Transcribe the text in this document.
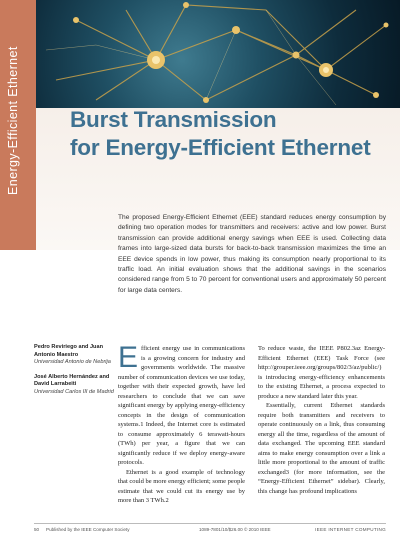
Energy-Efficient Ethernet Burst Transmission
for Energy-Efficient Ethernet

The proposed Energy-Efficient Ethernet (EEE) standard reduces energy consumption by defining two operation modes for transmitters and receivers: active and low power. Burst transmission can provide additional energy savings when EEE is used. Collecting data frames into large-sized data bursts for back-to-back transmission maximizes the time an EEE device spends in low power, thus making its consumption nearly proportional to its traffic load. An initial evaluation shows that the additional savings in the scenarios considered range from 5 to 70 percent for conventional users and approximately 50 percent for large data centers.

Pedro Reviriego and Juan Antonio Maestro
Universidad Antonio de Nebrija
José Alberto Hernández and David Larrabeiti
Universidad Carlos III de Madrid

Efficient energy use in communications is a growing concern for industry and governments worldwide. The massive number of communication devices we use today, together with their expected growth, have led researchers to conclude that we can save significant energy by applying energy-efficiency concepts in the design of communication systems.1 Indeed, the Internet core is estimated to consume approximately 6 terawatt-hours (TWh) per year, a figure that we can significantly reduce if we deploy energy-aware protocols.

Ethernet is a good example of technology that could be more energy efficient; some people estimate that we could cut its energy use by more than 3 TWh.2

To reduce waste, the IEEE P802.3az Energy-Efficient Ethernet (EEE) Task Force (see http://grouper.ieee.org/groups/802/3/az/public/) is introducing energy-efficiency enhancements to the existing Ethernet, a process expected to produce a new standard later this year.

Essentially, current Ethernet standards require both transmitters and receivers to operate continuously on a link, thus consuming energy all the time, regardless of the amount of data exchanged. The upcoming EEE standard aims to make energy consumption over a link a little more proportional to the amount of traffic exchanged3 (for more information, see the “Energy-Efficient Ethernet” sidebar). Clearly, this change has profound implications

50 Published by the IEEE Computer Society	1089-7801/10/$26.00 © 2010 IEEE	IEEE INTERNET COMPUTING
